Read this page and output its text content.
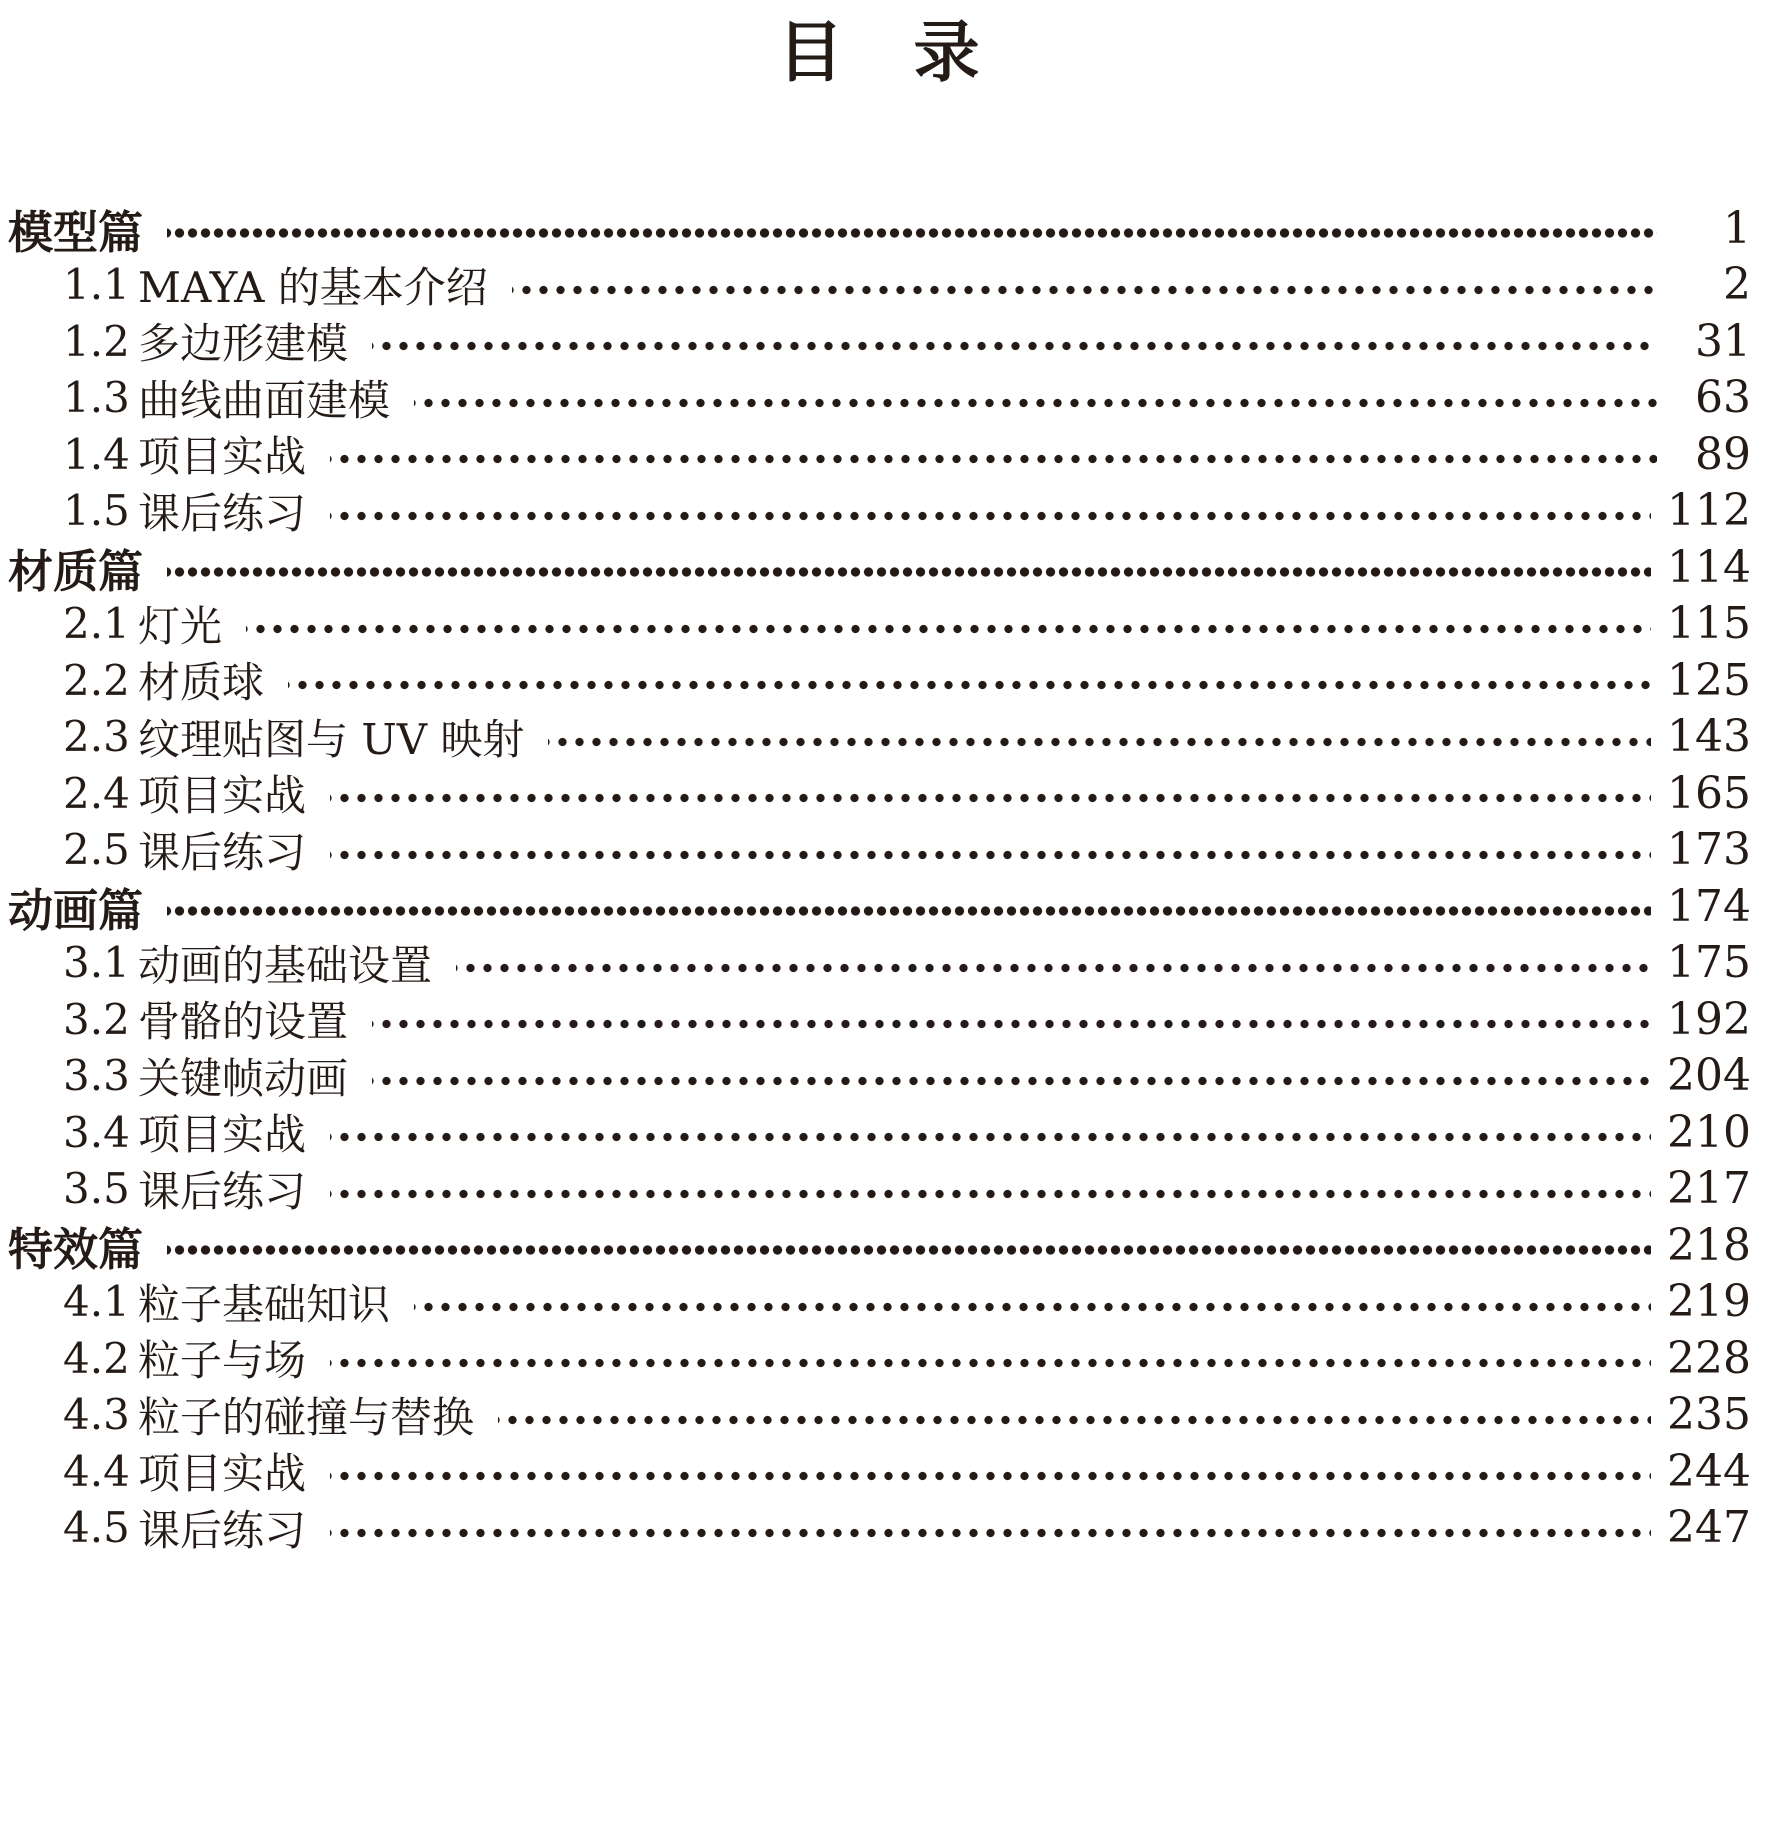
目　录
模型篇	1
1.1 MAYA 的基本介绍	2
1.2 多边形建模	31
1.3 曲线曲面建模	63
1.4 项目实战	89
1.5 课后练习	112
材质篇	114
2.1 灯光	115
2.2 材质球	125
2.3 纹理贴图与 UV 映射	143
2.4 项目实战	165
2.5 课后练习	173
动画篇	174
3.1 动画的基础设置	175
3.2 骨骼的设置	192
3.3 关键帧动画	204
3.4 项目实战	210
3.5 课后练习	217
特效篇	218
4.1 粒子基础知识	219
4.2 粒子与场	228
4.3 粒子的碰撞与替换	235
4.4 项目实战	244
4.5 课后练习	247
